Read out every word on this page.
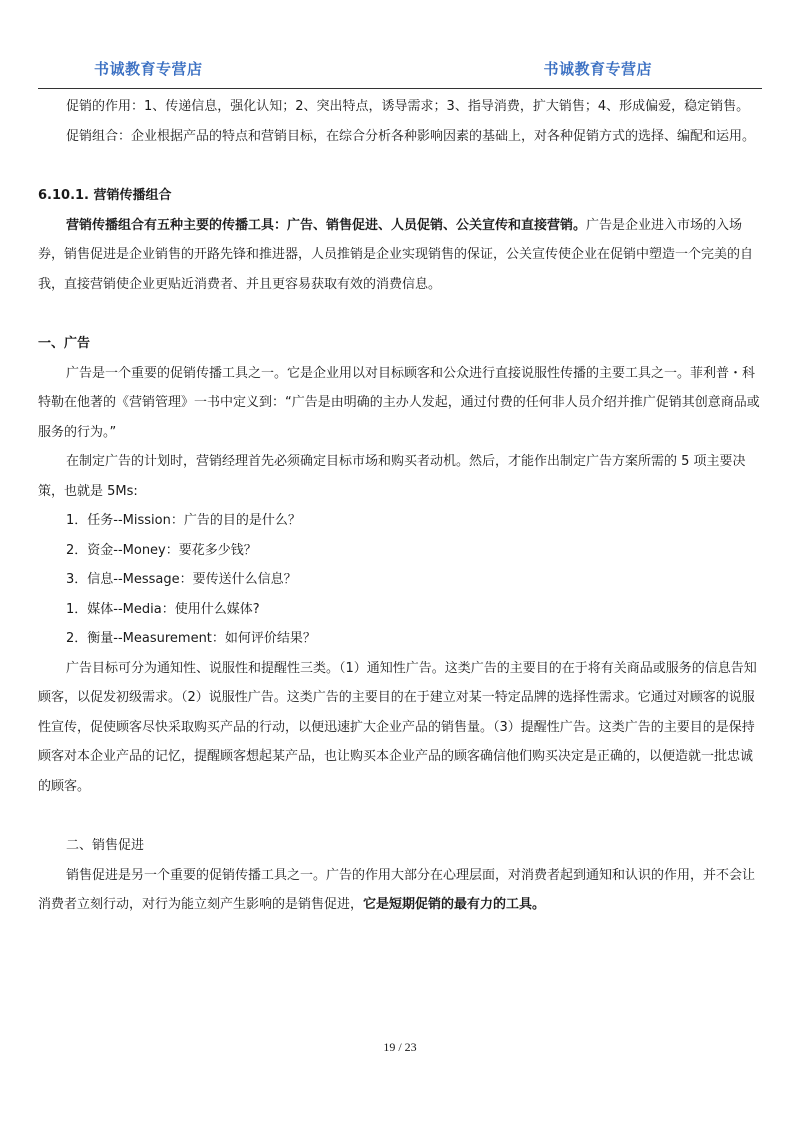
书诚教育专营店	书诚教育专营店

促销的作用：1、传递信息，强化认知；2、突出特点，诱导需求；3、指导消费，扩大销售；4、形成偏爱，稳定销售。

促销组合：企业根据产品的特点和营销目标，在综合分析各种影响因素的基础上，对各种促销方式的选择、编配和运用。

6.10.1. 营销传播组合

营销传播组合有五种主要的传播工具：广告、销售促进、人员促销、公关宣传和直接营销。广告是企业进入市场的入场券，销售促进是企业销售的开路先锋和推进器，人员推销是企业实现销售的保证，公关宣传使企业在促销中塑造一个完美的自我，直接营销使企业更贴近消费者、并且更容易获取有效的消费信息。

一、广告

广告是一个重要的促销传播工具之一。它是企业用以对目标顾客和公众进行直接说服性传播的主要工具之一。菲利普・科特勒在他著的《营销管理》一书中定义到：“广告是由明确的主办人发起，通过付费的任何非人员介绍并推广促销其创意商品或服务的行为。”

在制定广告的计划时，营销经理首先必须确定目标市场和购买者动机。然后，才能作出制定广告方案所需的 5 项主要决策，也就是 5Ms:

1．任务--Mission：广告的目的是什么？

2．资金--Money：要花多少钱？

3．信息--Message：要传送什么信息？

1．媒体--Media：使用什么媒体?

2．衡量--Measurement：如何评价结果？

广告目标可分为通知性、说服性和提醒性三类。（1）通知性广告。这类广告的主要目的在于将有关商品或服务的信息告知顾客，以促发初级需求。（2）说服性广告。这类广告的主要目的在于建立对某一特定品牌的选择性需求。它通过对顾客的说服性宣传，促使顾客尽快采取购买产品的行动，以便迅速扩大企业产品的销售量。（3）提醒性广告。这类广告的主要目的是保持顾客对本企业产品的记忆，提醒顾客想起某产品，也让购买本企业产品的顾客确信他们购买决定是正确的，以便造就一批忠诚的顾客。

二、销售促进

销售促进是另一个重要的促销传播工具之一。广告的作用大部分在心理层面，对消费者起到通知和认识的作用，并不会让消费者立刻行动，对行为能立刻产生影响的是销售促进，它是短期促销的最有力的工具。

19 / 23
